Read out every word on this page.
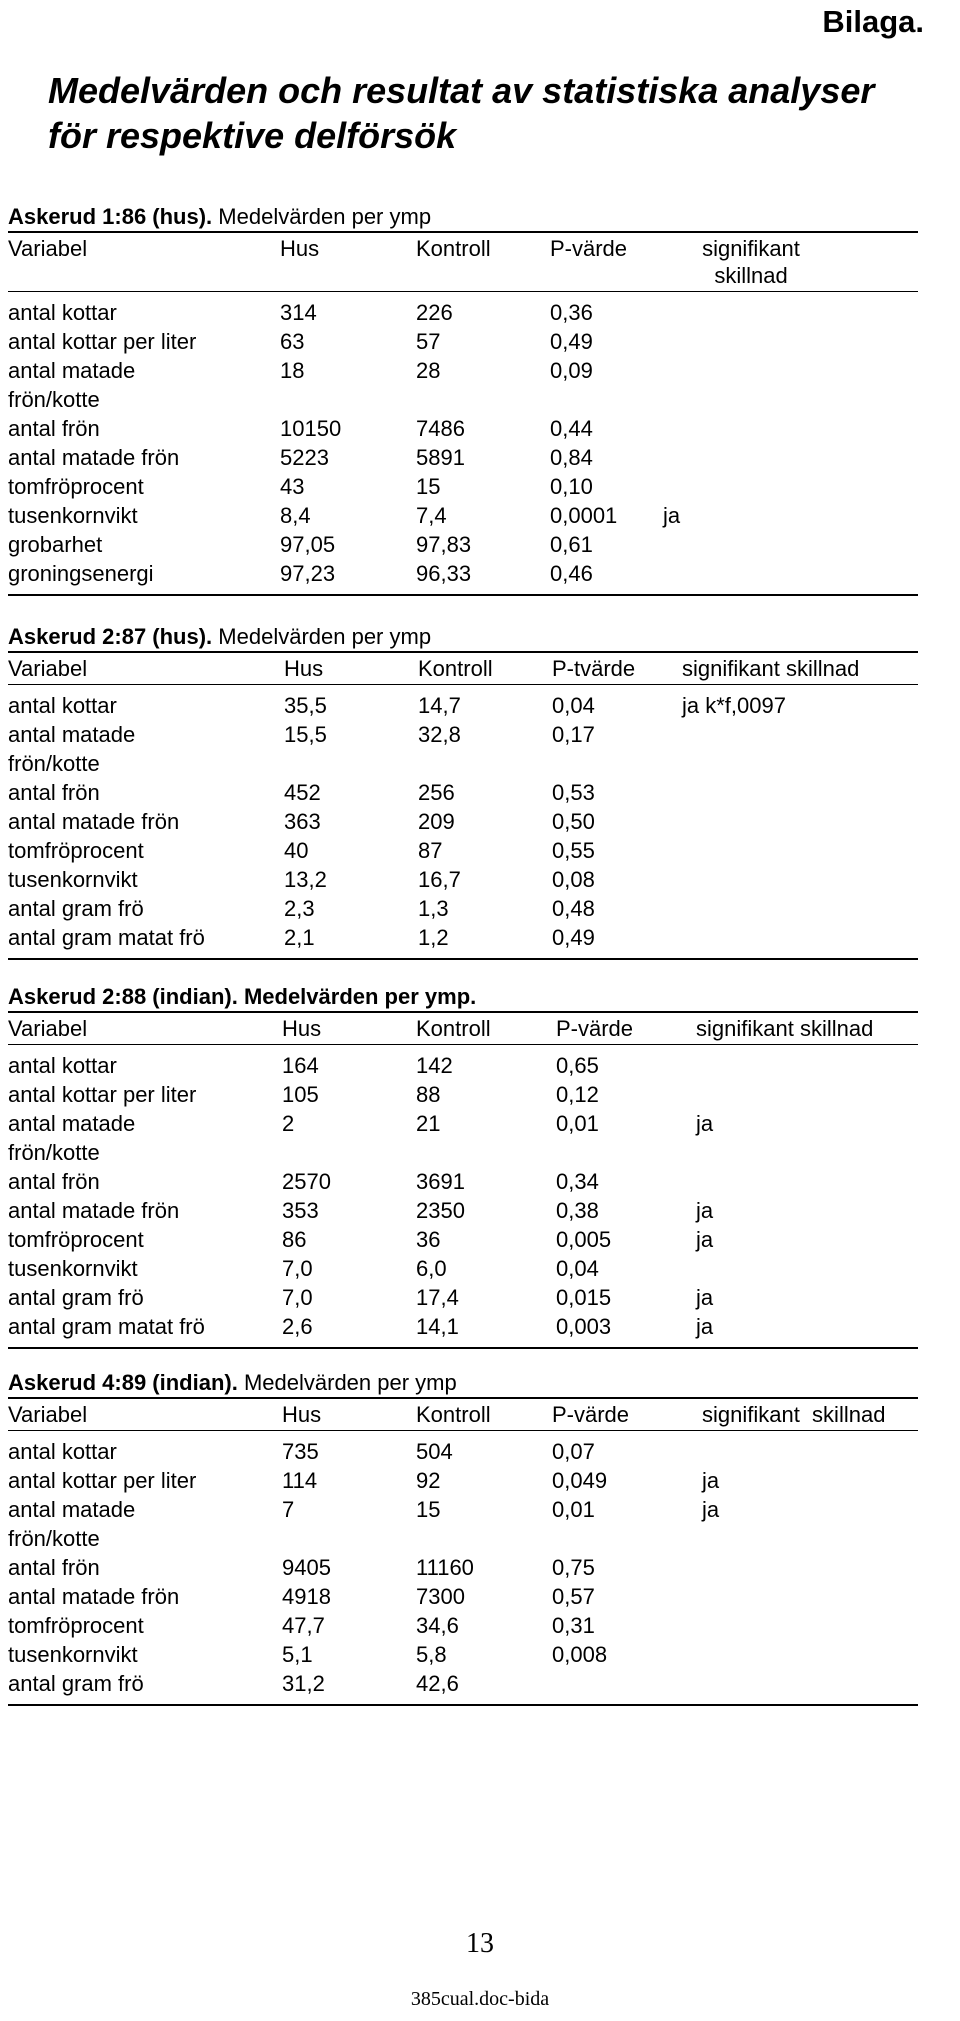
Bilaga.

Medelvärden och resultat av statistiska analyser
för respektive delförsök
Askerud 1:86 (hus). Medelvärden per ymp
Variabel	Hus	Kontroll	P-värde	signifikant skillnad
antal kottar	314	226	0,36	
antal kottar per liter	63	57	0,49	
antal matade frön/kotte	18	28	0,09	
antal frön	10150	7486	0,44	
antal matade frön	5223	5891	0,84	
tomfröprocent	43	15	0,10	
tusenkornvikt	8,4	7,4	0,0001	ja
grobarhet	97,05	97,83	0,61	
groningsenergi	97,23	96,33	0,46	
Askerud 2:87 (hus). Medelvärden per ymp
Variabel	Hus	Kontroll	P-tvärde	signifikant skillnad
antal kottar	35,5	14,7	0,04	ja k*f,0097
antal matade frön/kotte	15,5	32,8	0,17	
antal frön	452	256	0,53	
antal matade frön	363	209	0,50	
tomfröprocent	40	87	0,55	
tusenkornvikt	13,2	16,7	0,08	
antal gram frö	2,3	1,3	0,48	
antal gram matat frö	2,1	1,2	0,49	
Askerud 2:88 (indian). Medelvärden per ymp.
Variabel	Hus	Kontroll	P-värde	signifikant skillnad
antal kottar	164	142	0,65	
antal kottar per liter	105	88	0,12	
antal matade frön/kotte	2	21	0,01	ja
antal frön	2570	3691	0,34	
antal matade frön	353	2350	0,38	ja
tomfröprocent	86	36	0,005	ja
tusenkornvikt	7,0	6,0	0,04	
antal gram frö	7,0	17,4	0,015	ja
antal gram matat frö	2,6	14,1	0,003	ja
Askerud 4:89 (indian). Medelvärden per ymp
Variabel	Hus	Kontroll	P-värde	signifikant  skillnad
antal kottar	735	504	0,07	
antal kottar per liter	114	92	0,049	ja
antal matade frön/kotte	7	15	0,01	ja
antal frön	9405	11160	0,75	
antal matade frön	4918	7300	0,57	
tomfröprocent	47,7	34,6	0,31	
tusenkornvikt	5,1	5,8	0,008	
antal gram frö	31,2	42,6		

13

385cual.doc-bida
